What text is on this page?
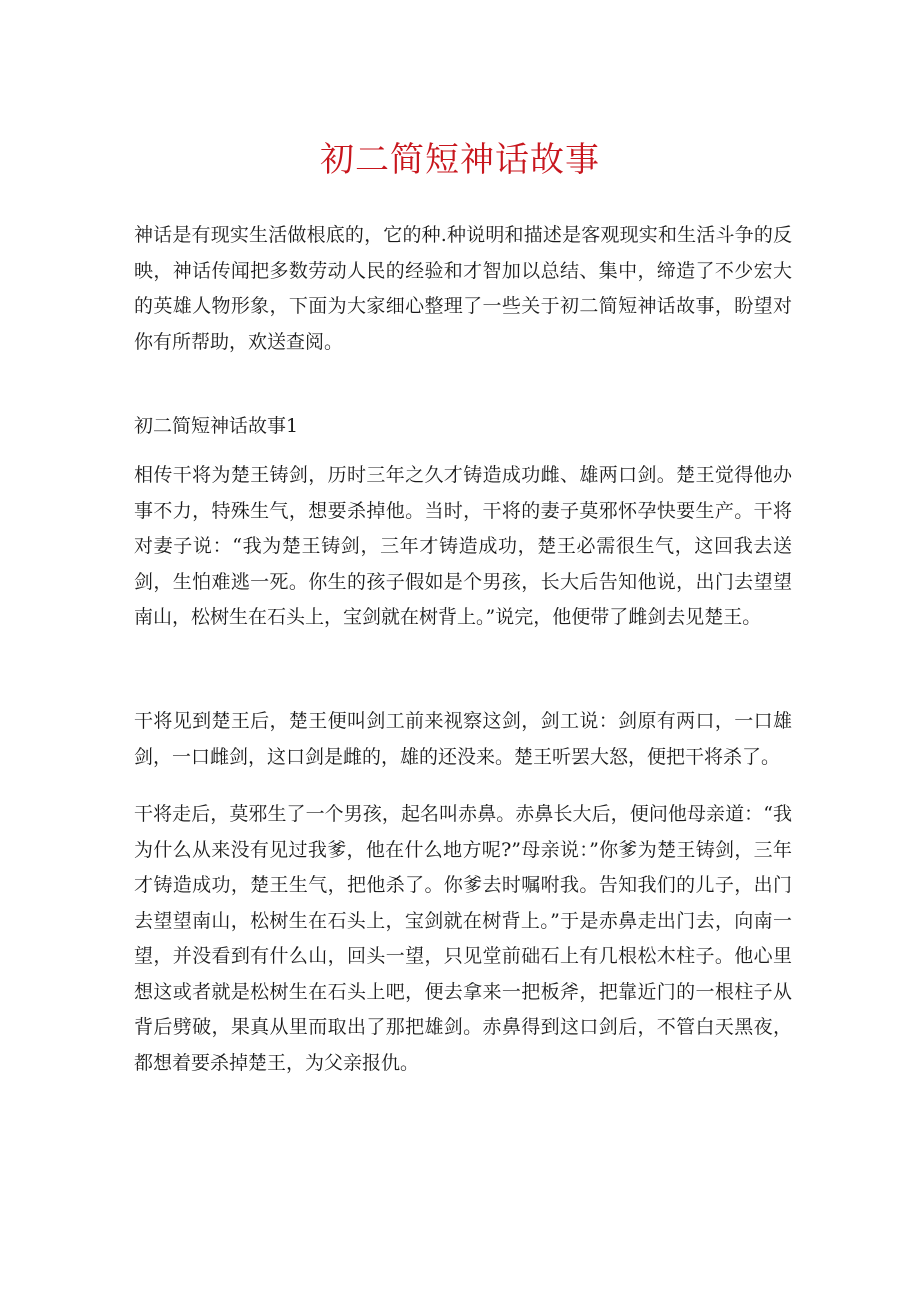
初二简短神话故事

神话是有现实生活做根底的，它的种.种说明和描述是客观现实和生活斗争的反映，神话传闻把多数劳动人民的经验和才智加以总结、集中，缔造了不少宏大的英雄人物形象，下面为大家细心整理了一些关于初二简短神话故事，盼望对你有所帮助，欢送查阅。

初二简短神话故事1

相传干将为楚王铸剑，历时三年之久才铸造成功雌、雄两口剑。楚王觉得他办事不力，特殊生气，想要杀掉他。当时，干将的妻子莫邪怀孕快要生产。干将对妻子说：“我为楚王铸剑，三年才铸造成功，楚王必需很生气，这回我去送剑，生怕难逃一死。你生的孩子假如是个男孩，长大后告知他说，出门去望望南山，松树生在石头上，宝剑就在树背上。”说完，他便带了雌剑去见楚王。

干将见到楚王后，楚王便叫剑工前来视察这剑，剑工说：剑原有两口，一口雄剑，一口雌剑，这口剑是雌的，雄的还没来。楚王听罢大怒，便把干将杀了。

干将走后，莫邪生了一个男孩，起名叫赤鼻。赤鼻长大后，便问他母亲道：“我为什么从来没有见过我爹，他在什么地方呢?”母亲说：”你爹为楚王铸剑，三年才铸造成功，楚王生气，把他杀了。你爹去时嘱咐我。告知我们的儿子，出门去望望南山，松树生在石头上，宝剑就在树背上。”于是赤鼻走出门去，向南一望，并没看到有什么山，回头一望，只见堂前础石上有几根松木柱子。他心里想这或者就是松树生在石头上吧，便去拿来一把板斧，把靠近门的一根柱子从背后劈破，果真从里而取出了那把雄剑。赤鼻得到这口剑后，不管白天黑夜，都想着要杀掉楚王，为父亲报仇。
